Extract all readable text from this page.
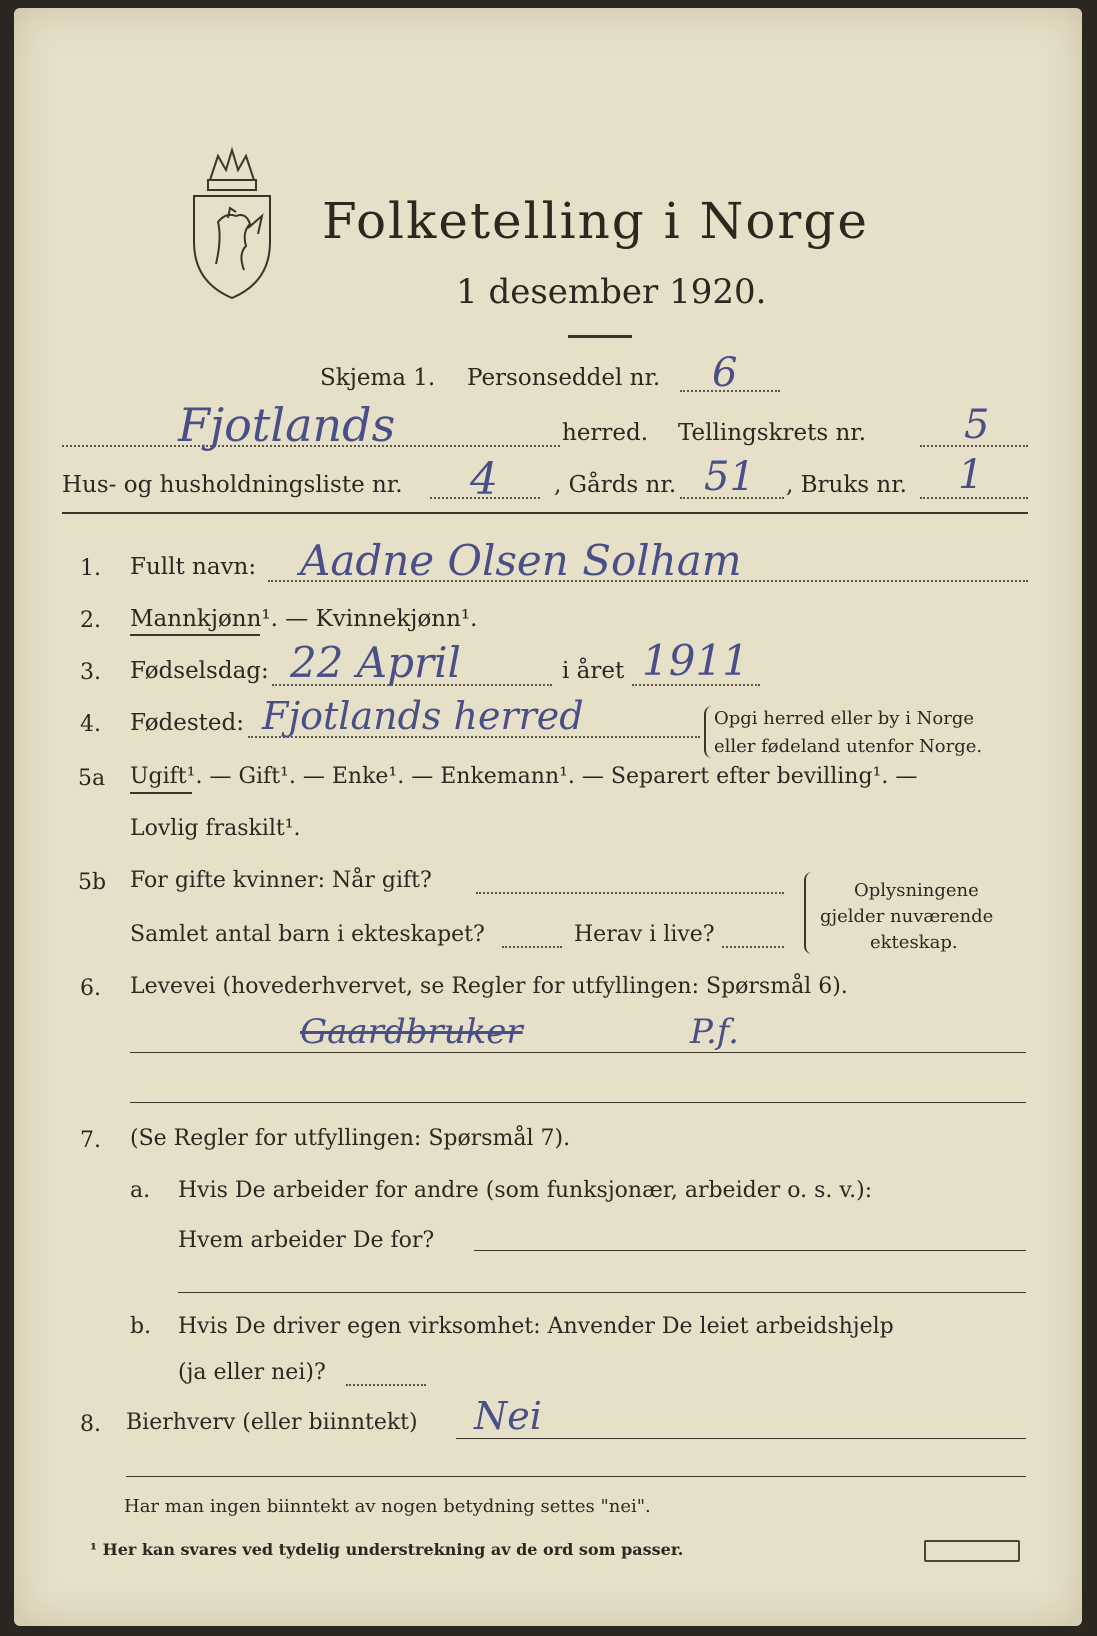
Folketelling i Norge
1 desember 1920.
Skjema 1. Personseddel nr. 6
Fjotlands	herred. Tellingskrets nr. 5
Hus- og husholdningsliste nr. 4 , Gårds nr. 51 , Bruks nr. 1
1. Fullt navn: Aadne Olsen Solham
2. Mannkjønn¹. — Kvinnekjønn¹.
3. Fødselsdag: 22 April	i året 1911
4. Fødested: Fjotlands herred	Opgi herred eller by i Norge
eller fødeland utenfor Norge.
5a Ugift¹. — Gift¹. — Enke¹. — Enkemann¹. — Separert efter bevilling¹. —
Lovlig fraskilt¹.
5b For gifte kvinner: Når gift?
Samlet antal barn i ekteskapet?	Herav i live?
Oplysningene
gjelder nuværende
ekteskap.
6. Levevei (hovederhvervet, se Regler for utfyllingen: Spørsmål 6).
Gaardbruker	P.f.
7. (Se Regler for utfyllingen: Spørsmål 7).
a. Hvis De arbeider for andre (som funksjonær, arbeider o. s. v.):
Hvem arbeider De for?
b. Hvis De driver egen virksomhet: Anvender De leiet arbeidshjelp
(ja eller nei)?
8. Bierhverv (eller biinntekt) Nei
Har man ingen biinntekt av nogen betydning settes "nei".
¹ Her kan svares ved tydelig understrekning av de ord som passer.
